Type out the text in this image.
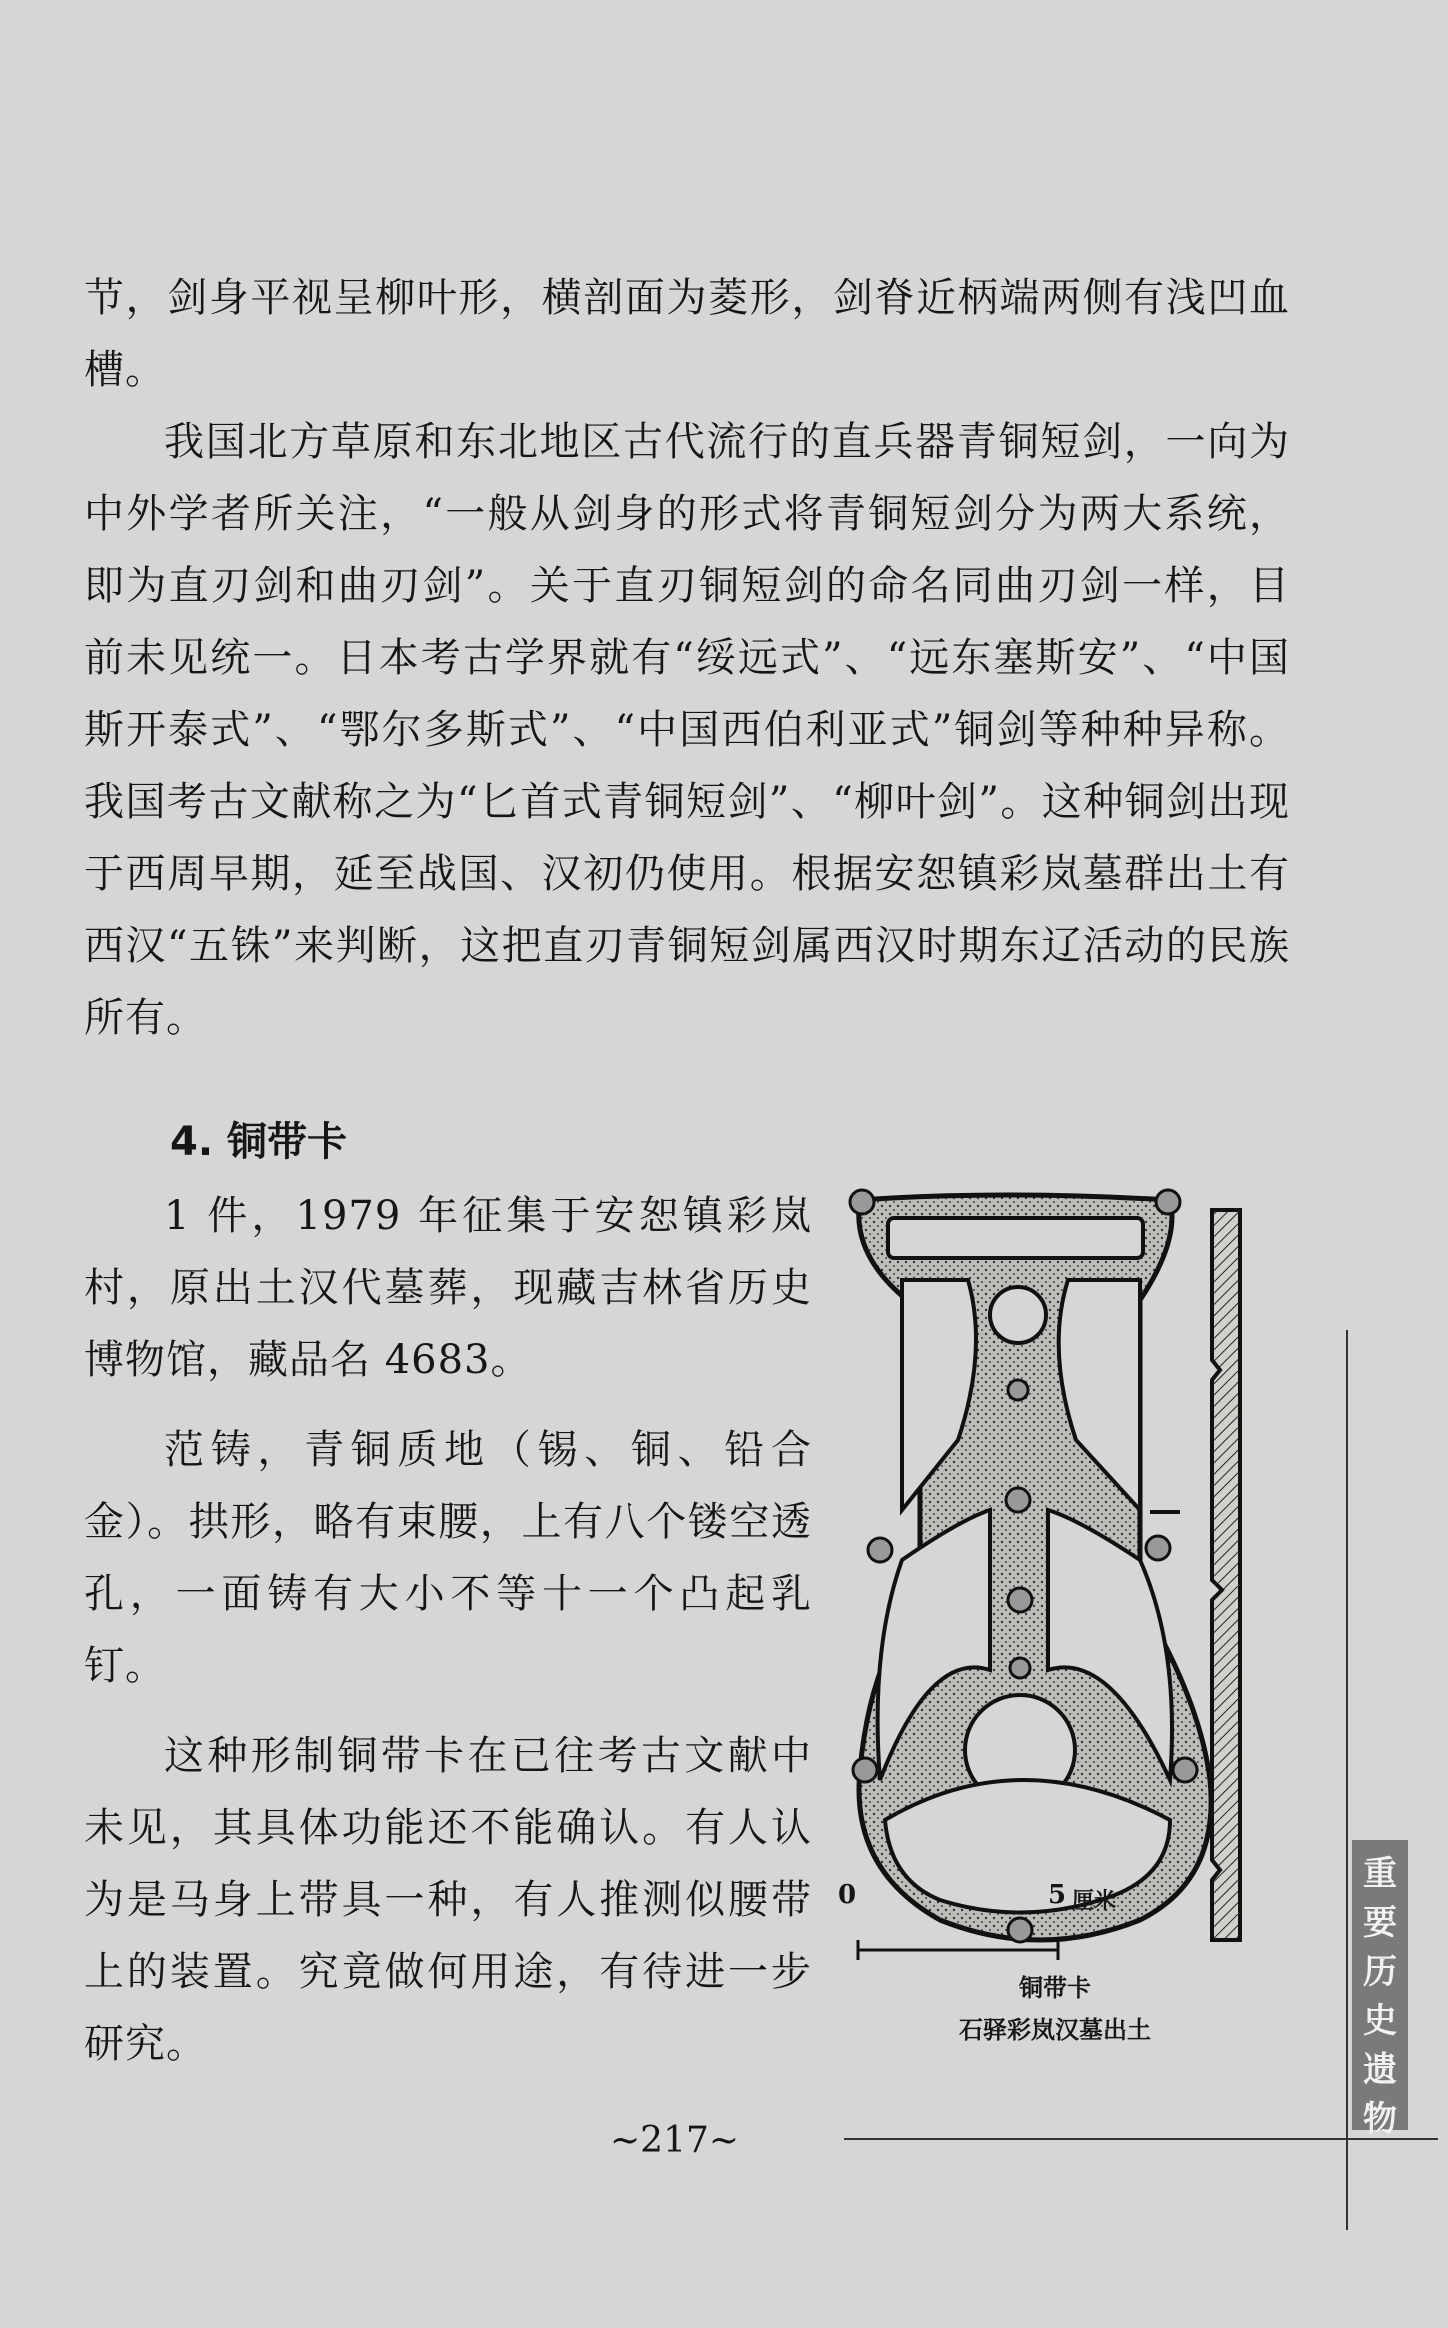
节，剑身平视呈柳叶形，横剖面为菱形，剑脊近柄端两侧有浅凹血槽。

我国北方草原和东北地区古代流行的直兵器青铜短剑，一向为中外学者所关注，“一般从剑身的形式将青铜短剑分为两大系统，即为直刃剑和曲刃剑”。关于直刃铜短剑的命名同曲刃剑一样，目前未见统一。日本考古学界就有“绥远式”、“远东塞斯安”、“中国斯开泰式”、“鄂尔多斯式”、“中国西伯利亚式”铜剑等种种异称。我国考古文献称之为“匕首式青铜短剑”、“柳叶剑”。这种铜剑出现于西周早期，延至战国、汉初仍使用。根据安恕镇彩岚墓群出土有西汉“五铢”来判断，这把直刃青铜短剑属西汉时期东辽活动的民族所有。

4. 铜带卡

1 件，1979 年征集于安恕镇彩岚村，原出土汉代墓葬，现藏吉林省历史博物馆，藏品名 4683。

范铸，青铜质地（锡、铜、铅合金）。拱形，略有束腰，上有八个镂空透孔，一面铸有大小不等十一个凸起乳钉。

这种形制铜带卡在已往考古文献中未见，其具体功能还不能确认。有人认为是马身上带具一种，有人推测似腰带上的装置。究竟做何用途，有待进一步研究。

0	5 厘米
铜带卡
石驿彩岚汉墓出土
~217~
重
要
历
史
遗
物
